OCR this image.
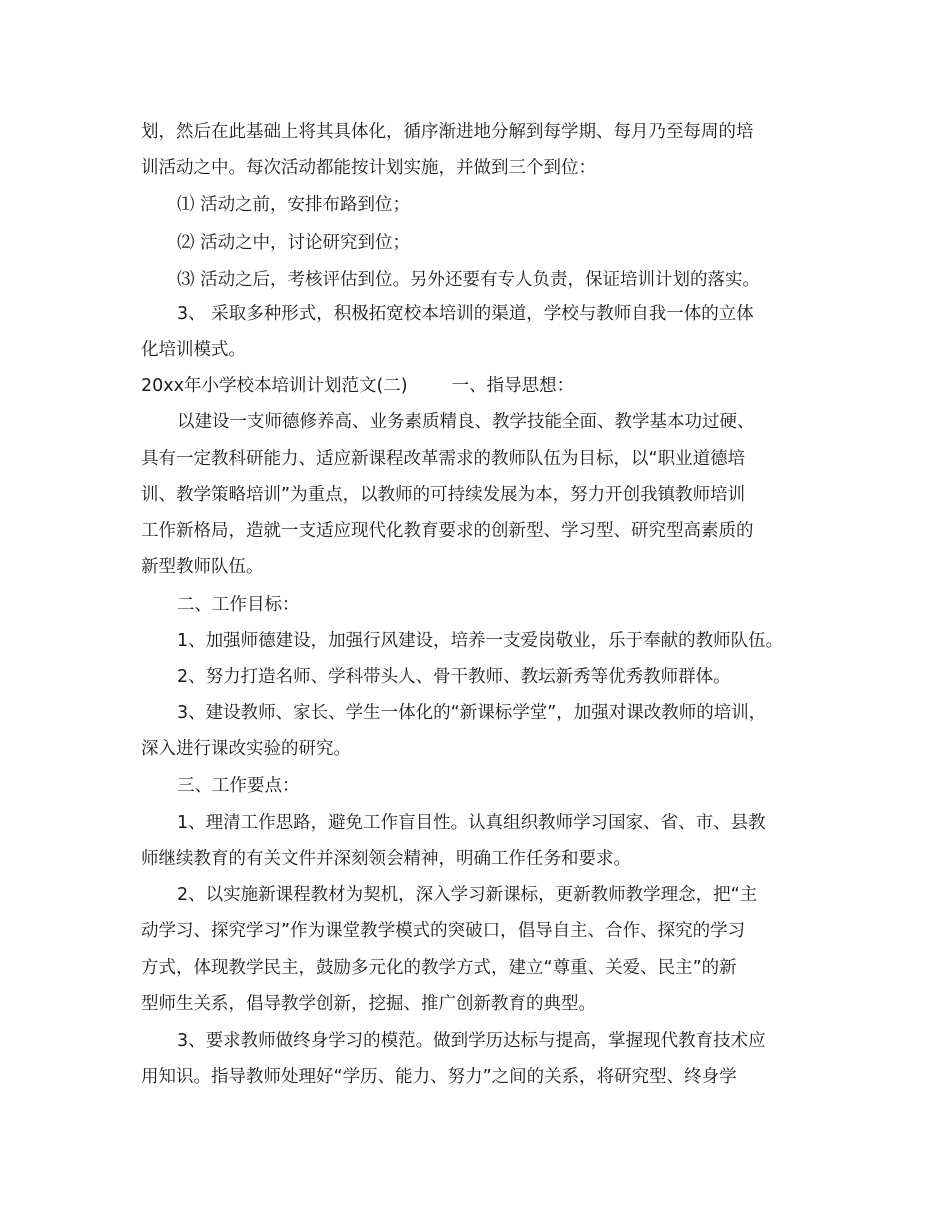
划，然后在此基础上将其具体化，循序渐进地分解到每学期、每月乃至每周的培
训活动之中。每次活动都能按计划实施，并做到三个到位：
⑴ 活动之前，安排布路到位；
⑵ 活动之中，讨论研究到位；
⑶ 活动之后，考核评估到位。另外还要有专人负责，保证培训计划的落实。
3、 采取多种形式，积极拓宽校本培训的渠道，学校与教师自我一体的立体
化培训模式。
20xx年小学校本培训计划范文(二)	一、指导思想：
以建设一支师德修养高、业务素质精良、教学技能全面、教学基本功过硬、
具有一定教科研能力、适应新课程改革需求的教师队伍为目标，以“职业道德培
训、教学策略培训”为重点，以教师的可持续发展为本，努力开创我镇教师培训
工作新格局，造就一支适应现代化教育要求的创新型、学习型、研究型高素质的
新型教师队伍。
二、工作目标：
1、加强师德建设，加强行风建设，培养一支爱岗敬业，乐于奉献的教师队伍。
2、努力打造名师、学科带头人、骨干教师、教坛新秀等优秀教师群体。
3、建设教师、家长、学生一体化的“新课标学堂”，加强对课改教师的培训，
深入进行课改实验的研究。
三、工作要点：
1、理清工作思路，避免工作盲目性。认真组织教师学习国家、省、市、县教
师继续教育的有关文件并深刻领会精神，明确工作任务和要求。
2、以实施新课程教材为契机，深入学习新课标，更新教师教学理念，把“主
动学习、探究学习”作为课堂教学模式的突破口，倡导自主、合作、探究的学习
方式，体现教学民主，鼓励多元化的教学方式，建立“尊重、关爱、民主”的新
型师生关系，倡导教学创新，挖掘、推广创新教育的典型。
3、要求教师做终身学习的模范。做到学历达标与提高，掌握现代教育技术应
用知识。指导教师处理好“学历、能力、努力”之间的关系，将研究型、终身学
